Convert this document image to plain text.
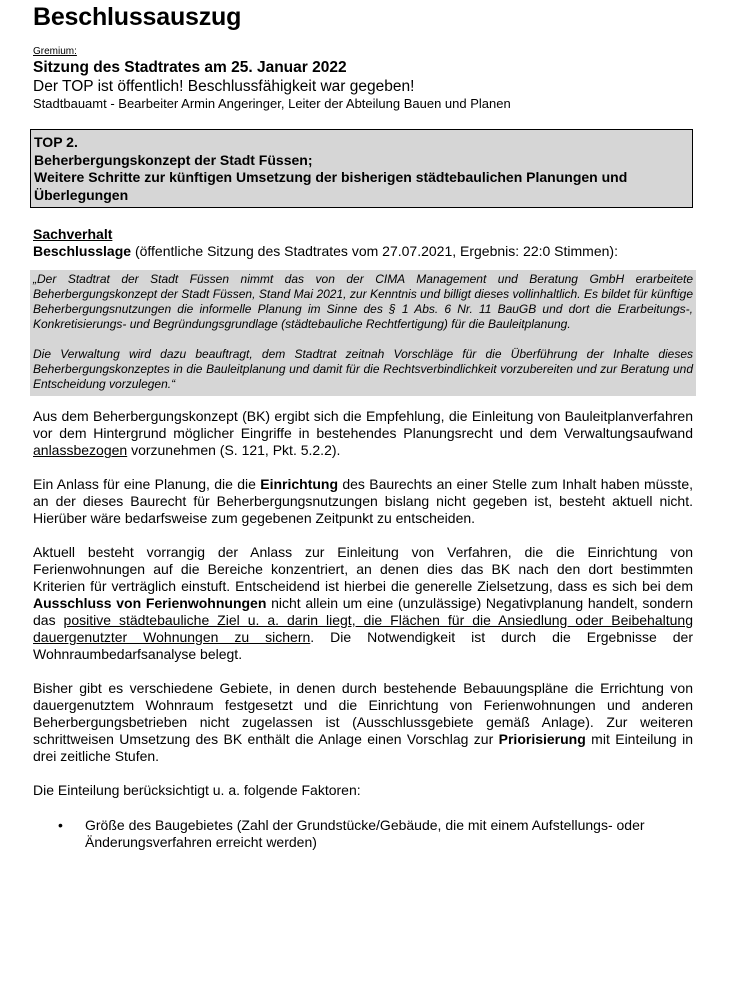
Beschlussauszug
Gremium:
Sitzung des Stadtrates am 25. Januar 2022
Der TOP ist öffentlich! Beschlussfähigkeit war gegeben!
Stadtbauamt - Bearbeiter Armin Angeringer, Leiter der Abteilung Bauen und Planen
TOP 2.
Beherbergungskonzept der Stadt Füssen;
Weitere Schritte zur künftigen Umsetzung der bisherigen städtebaulichen Planungen und Überlegungen
Sachverhalt
Beschlusslage (öffentliche Sitzung des Stadtrates vom 27.07.2021, Ergebnis: 22:0 Stimmen):

„Der Stadtrat der Stadt Füssen nimmt das von der CIMA Management und Beratung GmbH erarbeitete Beherbergungskonzept der Stadt Füssen, Stand Mai 2021, zur Kenntnis und billigt dieses vollinhaltlich. Es bildet für künftige Beherbergungsnutzungen die informelle Planung im Sinne des § 1 Abs. 6 Nr. 11 BauGB und dort die Erarbeitungs-, Konkretisierungs- und Begründungsgrundlage (städtebauliche Rechtfertigung) für die Bauleitplanung.

Die Verwaltung wird dazu beauftragt, dem Stadtrat zeitnah Vorschläge für die Überführung der Inhalte dieses Beherbergungskonzeptes in die Bauleitplanung und damit für die Rechtsverbindlichkeit vorzubereiten und zur Beratung und Entscheidung vorzulegen.“

Aus dem Beherbergungskonzept (BK) ergibt sich die Empfehlung, die Einleitung von Bauleitplanverfahren vor dem Hintergrund möglicher Eingriffe in bestehendes Planungsrecht und dem Verwaltungsaufwand anlassbezogen vorzunehmen (S. 121, Pkt. 5.2.2).
Ein Anlass für eine Planung, die die Einrichtung des Baurechts an einer Stelle zum Inhalt haben müsste, an der dieses Baurecht für Beherbergungsnutzungen bislang nicht gegeben ist, besteht aktuell nicht. Hierüber wäre bedarfsweise zum gegebenen Zeitpunkt zu entscheiden.
Aktuell besteht vorrangig der Anlass zur Einleitung von Verfahren, die die Einrichtung von Ferienwohnungen auf die Bereiche konzentriert, an denen dies das BK nach den dort bestimmten Kriterien für verträglich einstuft. Entscheidend ist hierbei die generelle Zielsetzung, dass es sich bei dem Ausschluss von Ferienwohnungen nicht allein um eine (unzulässige) Negativplanung handelt, sondern das positive städtebauliche Ziel u. a. darin liegt, die Flächen für die Ansiedlung oder Beibehaltung dauergenutzter Wohnungen zu sichern. Die Notwendigkeit ist durch die Ergebnisse der Wohnraumbedarfsanalyse belegt.
Bisher gibt es verschiedene Gebiete, in denen durch bestehende Bebauungspläne die Errichtung von dauergenutztem Wohnraum festgesetzt und die Einrichtung von Ferienwohnungen und anderen Beherbergungsbetrieben nicht zugelassen ist (Ausschlussgebiete gemäß Anlage). Zur weiteren schrittweisen Umsetzung des BK enthält die Anlage einen Vorschlag zur Priorisierung mit Einteilung in drei zeitliche Stufen.
Die Einteilung berücksichtigt u. a. folgende Faktoren:
• Größe des Baugebietes (Zahl der Grundstücke/Gebäude, die mit einem Aufstellungs- oder Änderungsverfahren erreicht werden)
